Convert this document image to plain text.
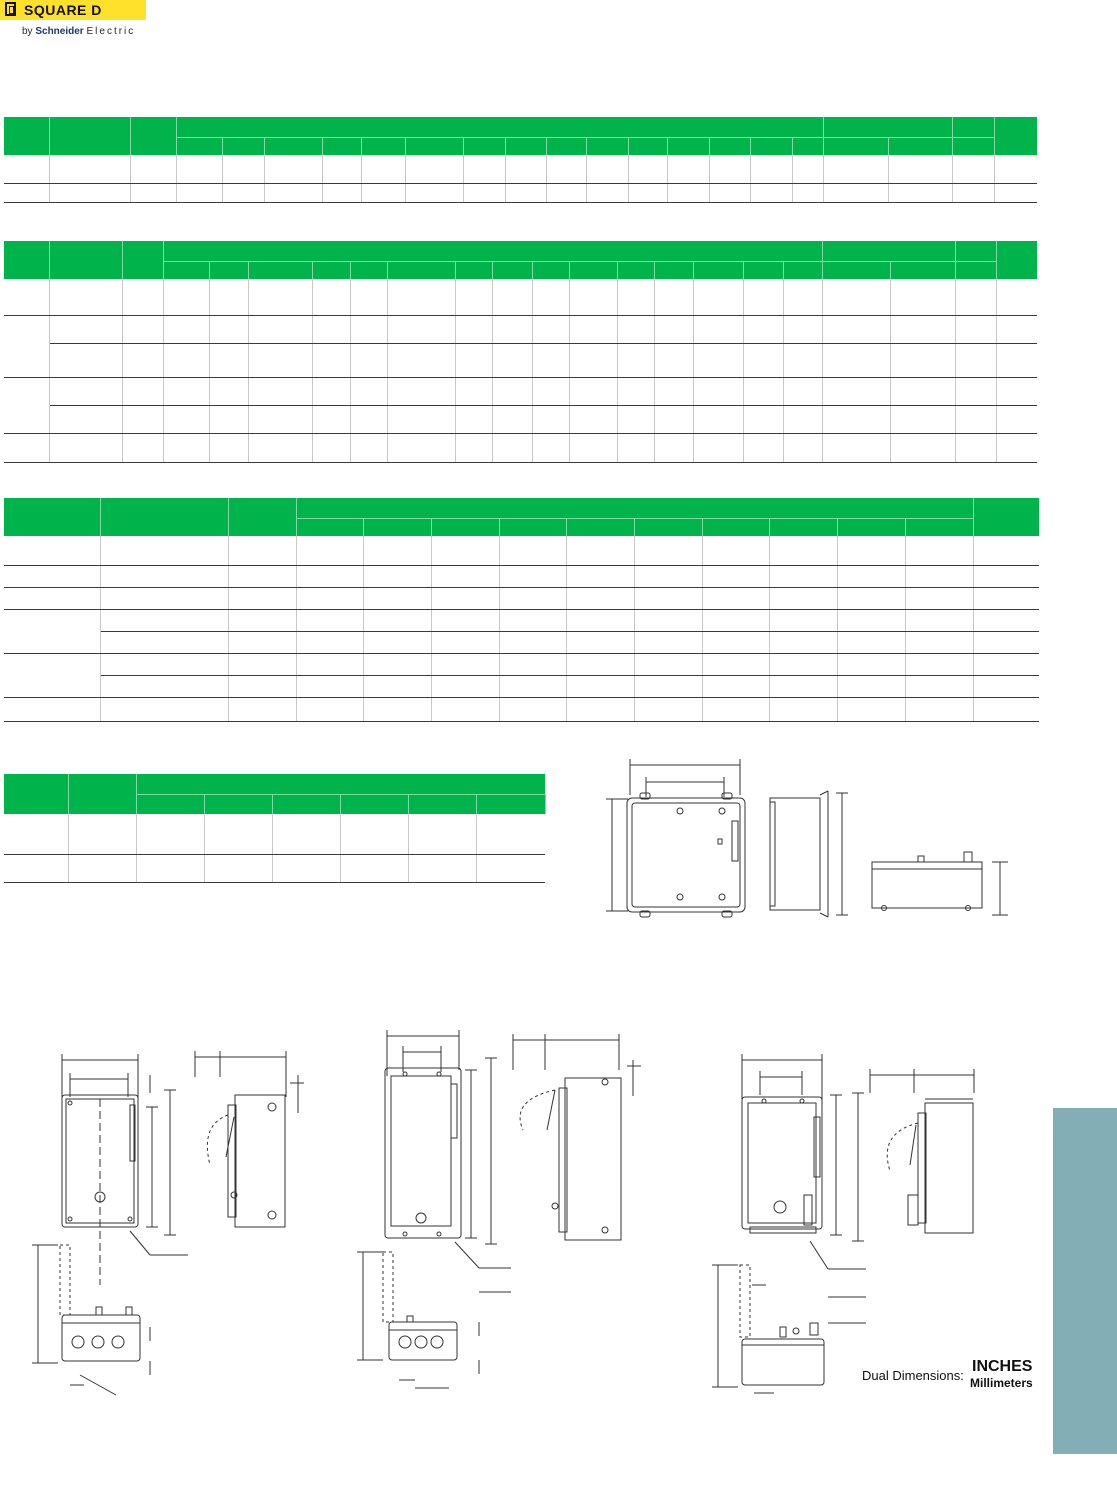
SQUARE D
by Schneider Electric

Dual Dimensions:
INCHES
Millimeters
